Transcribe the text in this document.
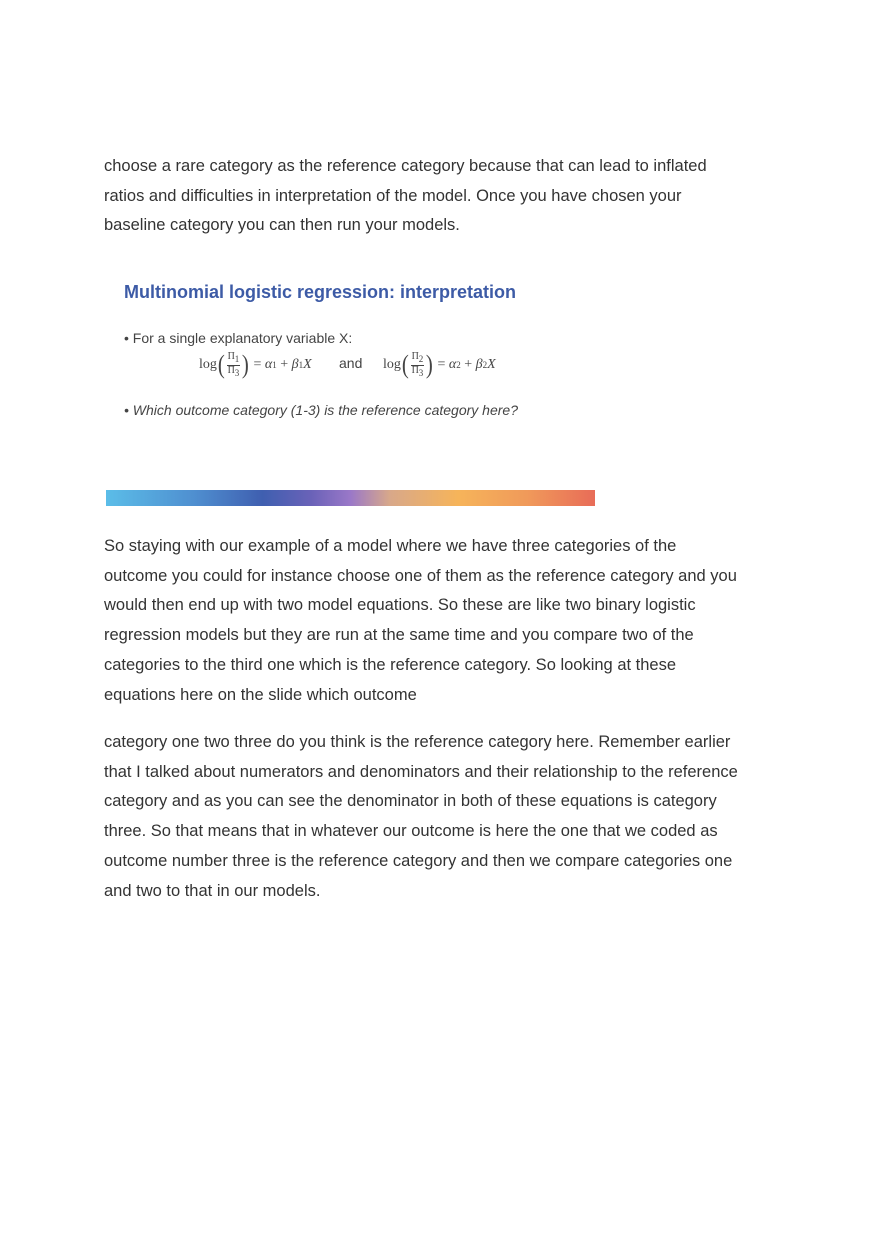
choose a rare category as the reference category because that can lead to inflated
ratios and difficulties in interpretation of the model. Once you have chosen your
baseline category you can then run your models.
Multinomial logistic regression: interpretation
• For a single explanatory variable X:
log ( $\frac{\Pi 1}{\Pi 3}$ )
=
α 1
+
β 1 X and log ( $\frac{\Pi 2}{\Pi 3}$ )
=
α 2
+
β 2 X
• Which outcome category (1-3) is the reference category here?
So staying with our example of a model where we have three categories of the
outcome you could for instance choose one of them as the reference category and you
would then end up with two model equations. So these are like two binary logistic
regression models but they are run at the same time and you compare two of the
categories to the third one which is the reference category. So looking at these
equations here on the slide which outcome
category one two three do you think is the reference category here. Remember earlier
that I talked about numerators and denominators and their relationship to the reference
category and as you can see the denominator in both of these equations is category
three. So that means that in whatever our outcome is here the one that we coded as
outcome number three is the reference category and then we compare categories one
and two to that in our models.
